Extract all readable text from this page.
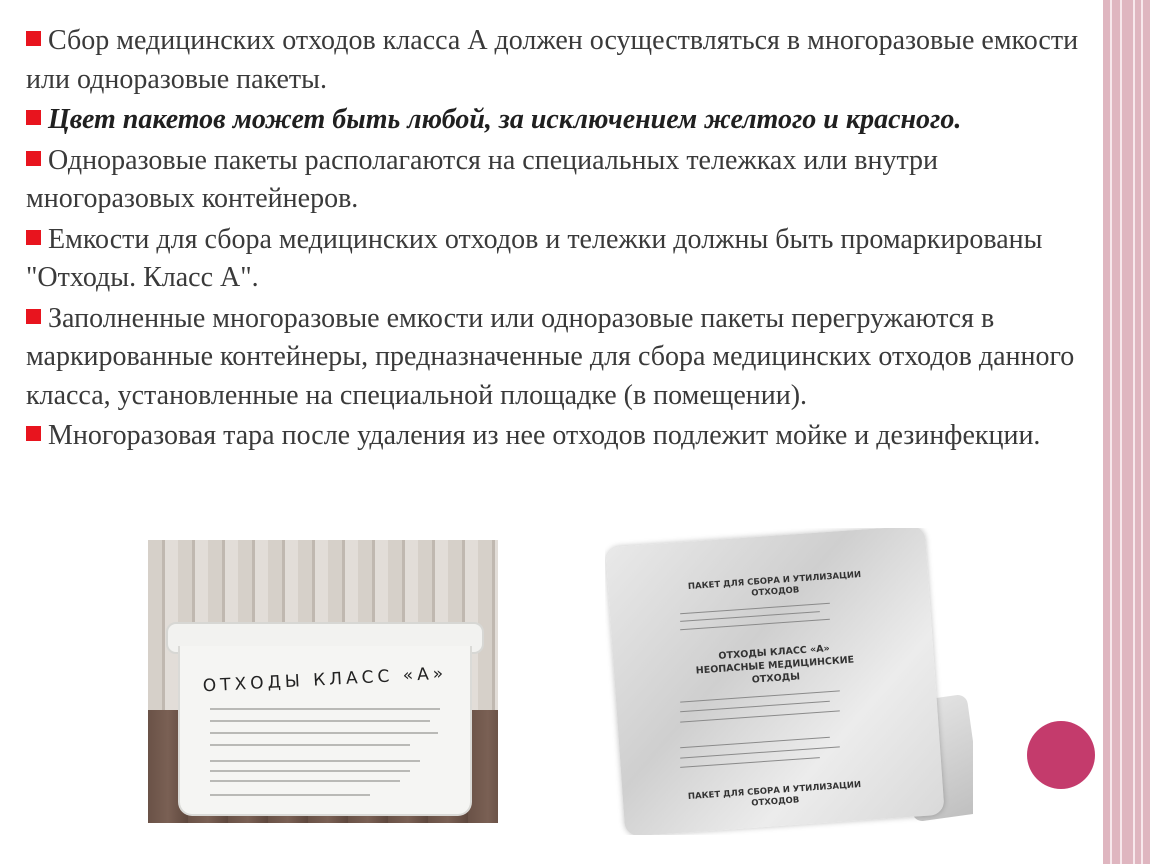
Сбор медицинских отходов класса А должен осуществляться в многоразовые емкости или одноразовые пакеты.

Цвет пакетов может быть любой, за исключением желтого и красного.

Одноразовые пакеты располагаются на специальных тележках или внутри многоразовых контейнеров.

Емкости для сбора медицинских отходов и тележки должны быть промаркированы "Отходы. Класс А".

Заполненные многоразовые емкости или одноразовые пакеты перегружаются в маркированные контейнеры, предназначенные для сбора медицинских отходов данного класса, установленные на специальной площадке (в помещении).

Многоразовая тара после удаления из нее отходов подлежит мойке и дезинфекции.

ОТХОДЫ КЛАСС «А»
ПАКЕТ ДЛЯ СБОРА И УТИЛИЗАЦИИ ОТХОДОВ
ОТХОДЫ КЛАСС «А» НЕОПАСНЫЕ МЕДИЦИНСКИЕ ОТХОДЫ
ПАКЕТ ДЛЯ СБОРА И УТИЛИЗАЦИИ ОТХОДОВ
